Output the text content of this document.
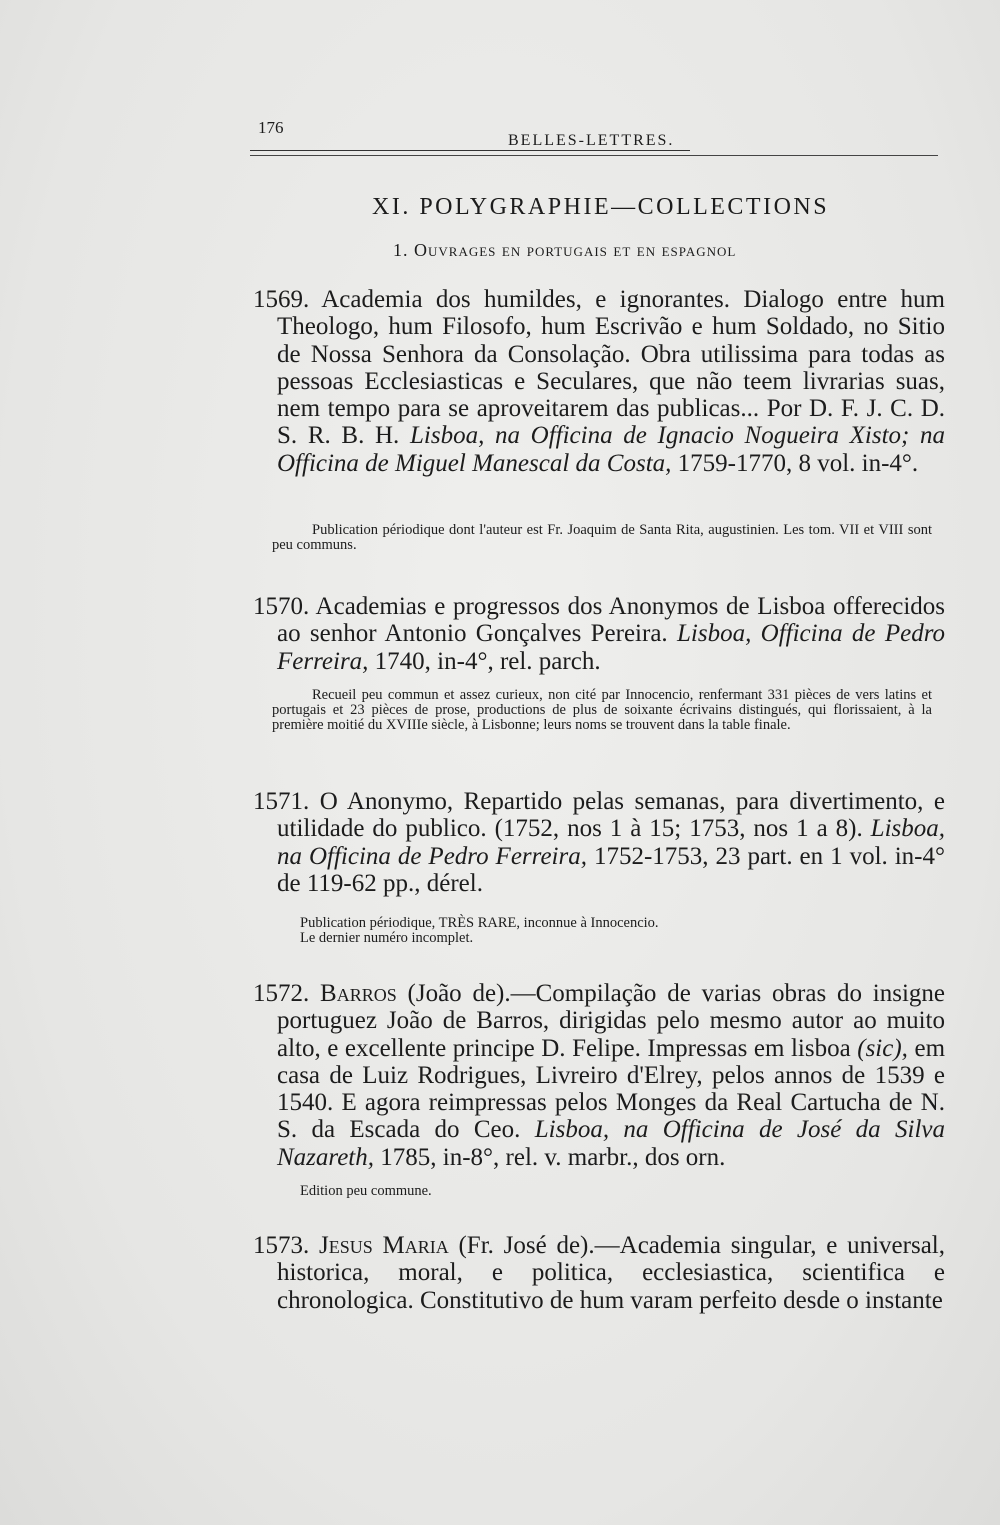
176
BELLES-LETTRES.
XI. POLYGRAPHIE—COLLECTIONS
1. Ouvrages en portugais et en espagnol
1569. Academia dos humildes, e ignorantes. Dialogo entre hum Theologo, hum Filosofo, hum Escrivão e hum Soldado, no Sitio de Nossa Senhora da Consolação. Obra utilissima para todas as pessoas Ecclesiasticas e Seculares, que não teem livrarias suas, nem tempo para se aproveitarem das publicas... Por D. F. J. C. D. S. R. B. H. Lisboa, na Officina de Ignacio Nogueira Xisto; na Officina de Miguel Manescal da Costa, 1759-1770, 8 vol. in-4°.
Publication périodique dont l'auteur est Fr. Joaquim de Santa Rita, augustinien. Les tom. VII et VIII sont peu communs.
1570. Academias e progressos dos Anonymos de Lisboa offerecidos ao senhor Antonio Gonçalves Pereira. Lisboa, Officina de Pedro Ferreira, 1740, in-4°, rel. parch.
Recueil peu commun et assez curieux, non cité par Innocencio, renfermant 331 pièces de vers latins et portugais et 23 pièces de prose, productions de plus de soixante écrivains distingués, qui florissaient, à la première moitié du XVIIIe siècle, à Lisbonne; leurs noms se trouvent dans la table finale.
1571. O Anonymo, Repartido pelas semanas, para divertimento, e utilidade do publico. (1752, nos 1 à 15; 1753, nos 1 a 8). Lisboa, na Officina de Pedro Ferreira, 1752-1753, 23 part. en 1 vol. in-4° de 119-62 pp., dérel.
Publication périodique, TRÈS RARE, inconnue à Innocencio.
Le dernier numéro incomplet.
1572. Barros (João de).—Compilação de varias obras do insigne portuguez João de Barros, dirigidas pelo mesmo autor ao muito alto, e excellente principe D. Felipe. Impressas em lisboa (sic), em casa de Luiz Rodrigues, Livreiro d'Elrey, pelos annos de 1539 e 1540. E agora reimpressas pelos Monges da Real Cartucha de N. S. da Escada do Ceo. Lisboa, na Officina de José da Silva Nazareth, 1785, in-8°, rel. v. marbr., dos orn.
Edition peu commune.
1573. Jesus Maria (Fr. José de).—Academia singular, e universal, historica, moral, e politica, ecclesiastica, scientifica e chronologica. Constitutivo de hum varam perfeito desde o instante
